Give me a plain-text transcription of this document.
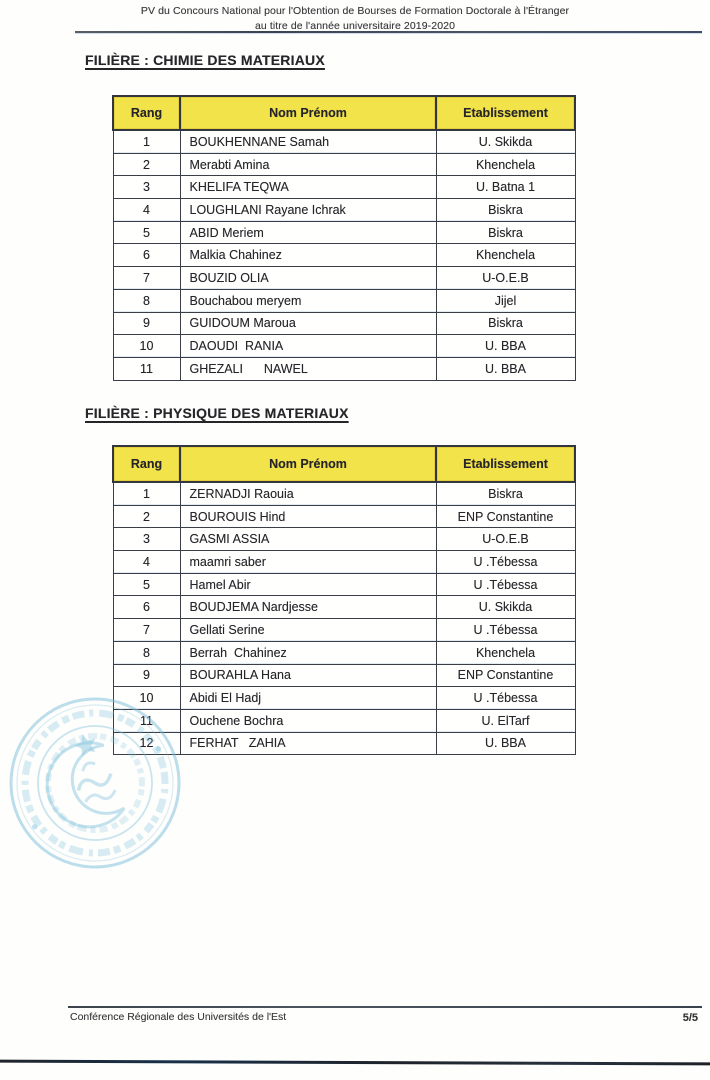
PV du Concours National pour l'Obtention de Bourses de Formation Doctorale à l'Étranger
au titre de l'année universitaire 2019-2020
FILIÈRE : CHIMIE DES MATERIAUX
Rang	Nom Prénom	Etablissement
1	BOUKHENNANE Samah	U. Skikda
2	Merabti Amina	Khenchela
3	KHELIFA TEQWA	U. Batna 1
4	LOUGHLANI Rayane Ichrak	Biskra
5	ABID Meriem	Biskra
6	Malkia Chahinez	Khenchela
7	BOUZID OLIA	U-O.E.B
8	Bouchabou meryem	Jijel
9	GUIDOUM Maroua	Biskra
10	DAOUDI  RANIA	U. BBA
11	GHEZALI      NAWEL	U. BBA
FILIÈRE : PHYSIQUE DES MATERIAUX
Rang	Nom Prénom	Etablissement
1	ZERNADJI Raouia	Biskra
2	BOUROUIS Hind	ENP Constantine
3	GASMI ASSIA	U-O.E.B
4	maamri saber	U .Tébessa
5	Hamel Abir	U .Tébessa
6	BOUDJEMA Nardjesse	U. Skikda
7	Gellati Serine	U .Tébessa
8	Berrah  Chahinez	Khenchela
9	BOURAHLA Hana	ENP Constantine
10	Abidi El Hadj	U .Tébessa
11	Ouchene Bochra	U. ElTarf
12	FERHAT   ZAHIA	U. BBA
Conférence Régionale des Universités de l'Est	5/5
